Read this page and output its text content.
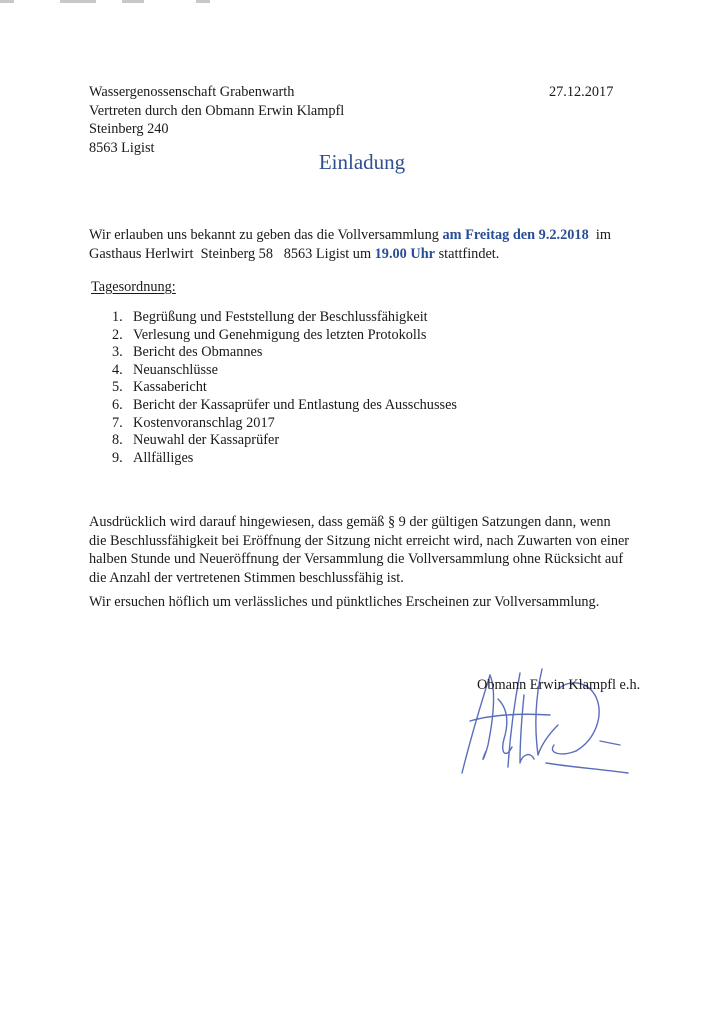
Wassergenossenschaft Grabenwarth
Vertreten durch den Obmann Erwin Klampfl
Steinberg 240
8563 Ligist
27.12.2017
Einladung
Wir erlauben uns bekannt zu geben das die Vollversammlung am Freitag den 9.2.2018  im
Gasthaus Herlwirt  Steinberg 58   8563 Ligist um 19.00 Uhr stattfindet.
Tagesordnung:
1. Begrüßung und Feststellung der Beschlussfähigkeit
2. Verlesung und Genehmigung des letzten Protokolls
3. Bericht des Obmannes
4. Neuanschlüsse
5. Kassabericht
6. Bericht der Kassaprüfer und Entlastung des Ausschusses
7. Kostenvoranschlag 2017
8. Neuwahl der Kassaprüfer
9. Allfälliges
Ausdrücklich wird darauf hingewiesen, dass gemäß § 9 der gültigen Satzungen dann, wenn
die Beschlussfähigkeit bei Eröffnung der Sitzung nicht erreicht wird, nach Zuwarten von einer
halben Stunde und Neueröffnung der Versammlung die Vollversammlung ohne Rücksicht auf
die Anzahl der vertretenen Stimmen beschlussfähig ist.
Wir ersuchen höflich um verlässliches und pünktliches Erscheinen zur Vollversammlung.
Obmann Erwin Klampfl e.h.
